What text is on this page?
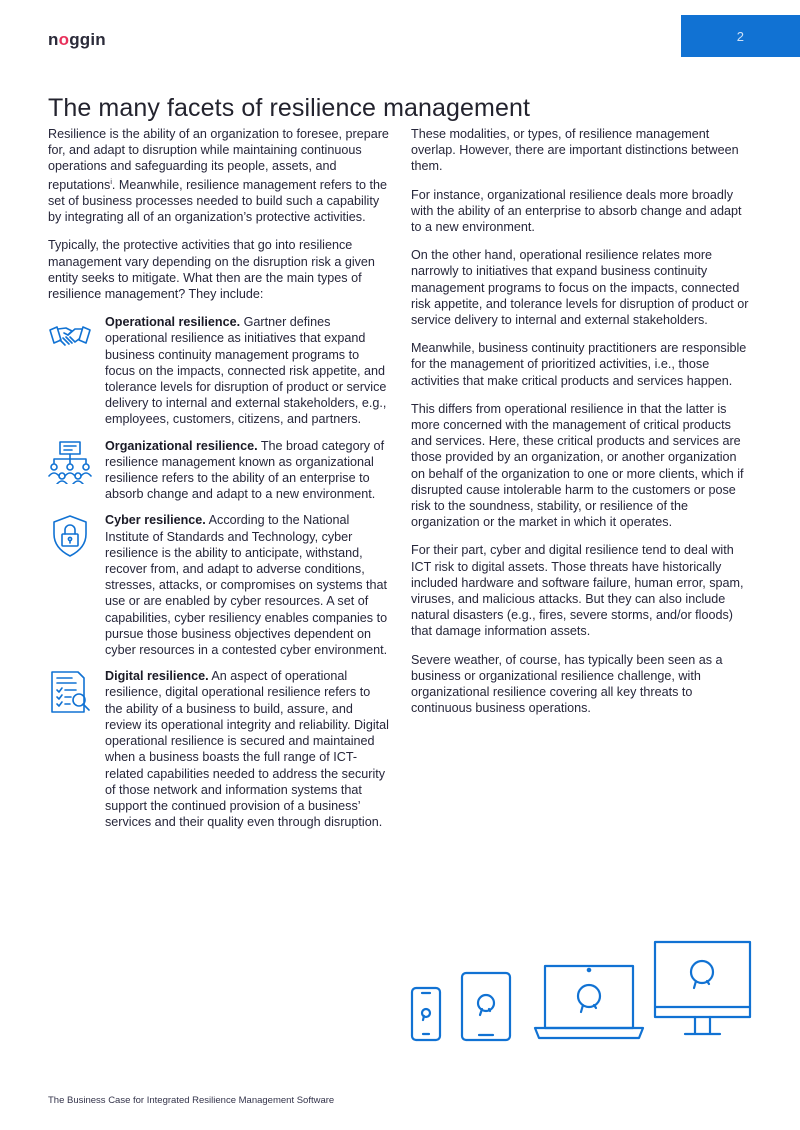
noggin	2
The many facets of resilience management

Resilience is the ability of an organization to foresee, prepare for, and adapt to disruption while maintaining continuous operations and safeguarding its people, assets, and reputations$^i$. Meanwhile, resilience management refers to the set of business processes needed to build such a capability by integrating all of an organization’s protective activities.

Typically, the protective activities that go into resilience management vary depending on the disruption risk a given entity seeks to mitigate. What then are the main types of resilience management? They include:

Operational resilience. Gartner defines operational resilience as initiatives that expand business continuity management programs to focus on the impacts, connected risk appetite, and tolerance levels for disruption of product or service delivery to internal and external stakeholders, e.g., employees, customers, citizens, and partners.
Organizational resilience. The broad category of resilience management known as organizational resilience refers to the ability of an enterprise to absorb change and adapt to a new environment.
Cyber resilience. According to the National Institute of Standards and Technology, cyber resilience is the ability to anticipate, withstand, recover from, and adapt to adverse conditions, stresses, attacks, or compromises on systems that use or are enabled by cyber resources. A set of capabilities, cyber resiliency enables companies to pursue those business objectives dependent on cyber resources in a contested cyber environment.
Digital resilience. An aspect of operational resilience, digital operational resilience refers to the ability of a business to build, assure, and review its operational integrity and reliability. Digital operational resilience is secured and maintained when a business boasts the full range of ICT-related capabilities needed to address the security of those network and information systems that support the continued provision of a business’ services and their quality even through disruption.

These modalities, or types, of resilience management overlap. However, there are important distinctions between them.

For instance, organizational resilience deals more broadly with the ability of an enterprise to absorb change and adapt to a new environment.

On the other hand, operational resilience relates more narrowly to initiatives that expand business continuity management programs to focus on the impacts, connected risk appetite, and tolerance levels for disruption of product or service delivery to internal and external stakeholders.

Meanwhile, business continuity practitioners are responsible for the management of prioritized activities, i.e., those activities that make critical products and services happen.

This differs from operational resilience in that the latter is more concerned with the management of critical products and services. Here, these critical products and services are those provided by an organization, or another organization on behalf of the organization to one or more clients, which if disrupted cause intolerable harm to the customers or pose risk to the soundness, stability, or resilience of the organization or the market in which it operates.

For their part, cyber and digital resilience tend to deal with ICT risk to digital assets. Those threats have historically included hardware and software failure, human error, spam, viruses, and malicious attacks. But they can also include natural disasters (e.g., fires, severe storms, and/or floods) that damage information assets.

Severe weather, of course, has typically been seen as a business or organizational resilience challenge, with organizational resilience covering all key threats to continuous business operations.

The Business Case for Integrated Resilience Management Software
